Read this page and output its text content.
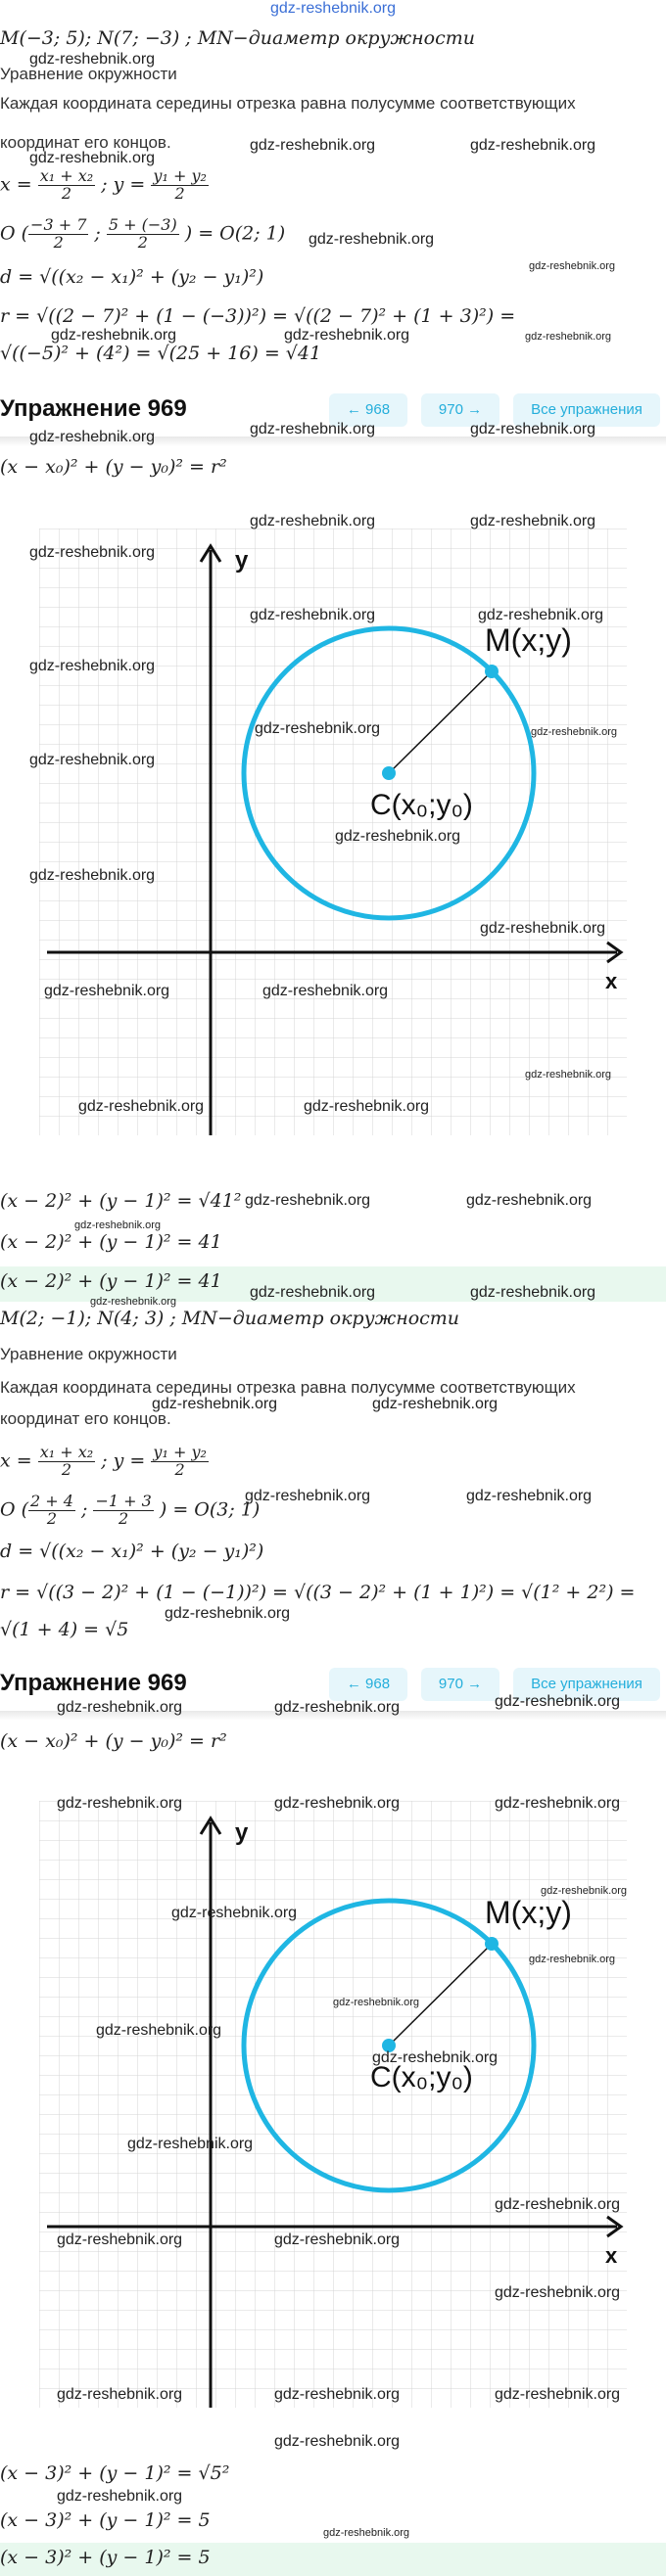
gdz-reshebnik.org
M(−3; 5); N(7; −3) ; MN−диаметр окружности
Уравнение окружности
Каждая координата середины отрезка равна полусумме соответствующих
координат его концов.
$x = \frac{\text{x₁ + x₂}}{2}$ ; $y = \frac{\text{y₁ + y₂}}{2}$
O ( $\frac{-3 + 7}{2}$ ; $\frac{5 + (-3)}{2}$ ) = O(2; 1)
d = √((x₂ − x₁)² + (y₂ − y₁)²)
r = √((2 − 7)² + (1 − (−3))²) = √((2 − 7)² + (1 + 3)²) =
√((−5)² + (4²) = √(25 + 16) = √41
gdz-reshebnik.org
gdz-reshebnik.org
gdz-reshebnik.org	gdz-reshebnik.org
gdz-reshebnik.org
gdz-reshebnik.org
gdz-reshebnik.org	gdz-reshebnik.org	gdz-reshebnik.org
Упражнение 969	← 968	970 →	Все упражнения
gdz-reshebnik.org	gdz-reshebnik.org	gdz-reshebnik.org
(x − x₀)² + (y − y₀)² = r²
y
x
M(x;y)
C(x₀;y₀)
gdz-reshebnik.org	gdz-reshebnik.org
gdz-reshebnik.org
gdz-reshebnik.org	gdz-reshebnik.org
gdz-reshebnik.org
gdz-reshebnik.org
gdz-reshebnik.org
gdz-reshebnik.org
gdz-reshebnik.org
gdz-reshebnik.org
gdz-reshebnik.org
gdz-reshebnik.org	gdz-reshebnik.org
gdz-reshebnik.org
gdz-reshebnik.org	gdz-reshebnik.org
(x − 2)² + (y − 1)² = √41² gdz-reshebnik.org	gdz-reshebnik.org
gdz-reshebnik.org
(x − 2)² + (y − 1)² = 41
(x − 2)² + (y − 1)² = 41
gdz-reshebnik.org	gdz-reshebnik.org
gdz-reshebnik.org
M(2; −1); N(4; 3) ; MN−диаметр окружности
Уравнение окружности
Каждая координата середины отрезка равна полусумме соответствующих
координат его концов.
gdz-reshebnik.org	gdz-reshebnik.org
$x = \frac{\text{x₁ + x₂}}{2}$ ; $y = \frac{\text{y₁ + y₂}}{2}$
O ( $\frac{2 + 4}{2}$ ; $\frac{-1 + 3}{2}$ ) = O(3; 1)
gdz-reshebnik.org	gdz-reshebnik.org
d = √((x₂ − x₁)² + (y₂ − y₁)²)
r = √((3 − 2)² + (1 − (−1))²) = √((3 − 2)² + (1 + 1)²) = √(1² + 2²) =
gdz-reshebnik.org
√(1 + 4) = √5
Упражнение 969	← 968	970 →	Все упражнения
gdz-reshebnik.org	gdz-reshebnik.org	gdz-reshebnik.org
(x − x₀)² + (y − y₀)² = r²
y
x
M(x;y)
C(x₀;y₀)
gdz-reshebnik.org	gdz-reshebnik.org	gdz-reshebnik.org
gdz-reshebnik.org
gdz-reshebnik.org
gdz-reshebnik.org
gdz-reshebnik.org
gdz-reshebnik.org
gdz-reshebnik.org
gdz-reshebnik.org
gdz-reshebnik.org
gdz-reshebnik.org	gdz-reshebnik.org
gdz-reshebnik.org
gdz-reshebnik.org	gdz-reshebnik.org	gdz-reshebnik.org
gdz-reshebnik.org
(x − 3)² + (y − 1)² = √5²
gdz-reshebnik.org
(x − 3)² + (y − 1)² = 5
gdz-reshebnik.org
(x − 3)² + (y − 1)² = 5
